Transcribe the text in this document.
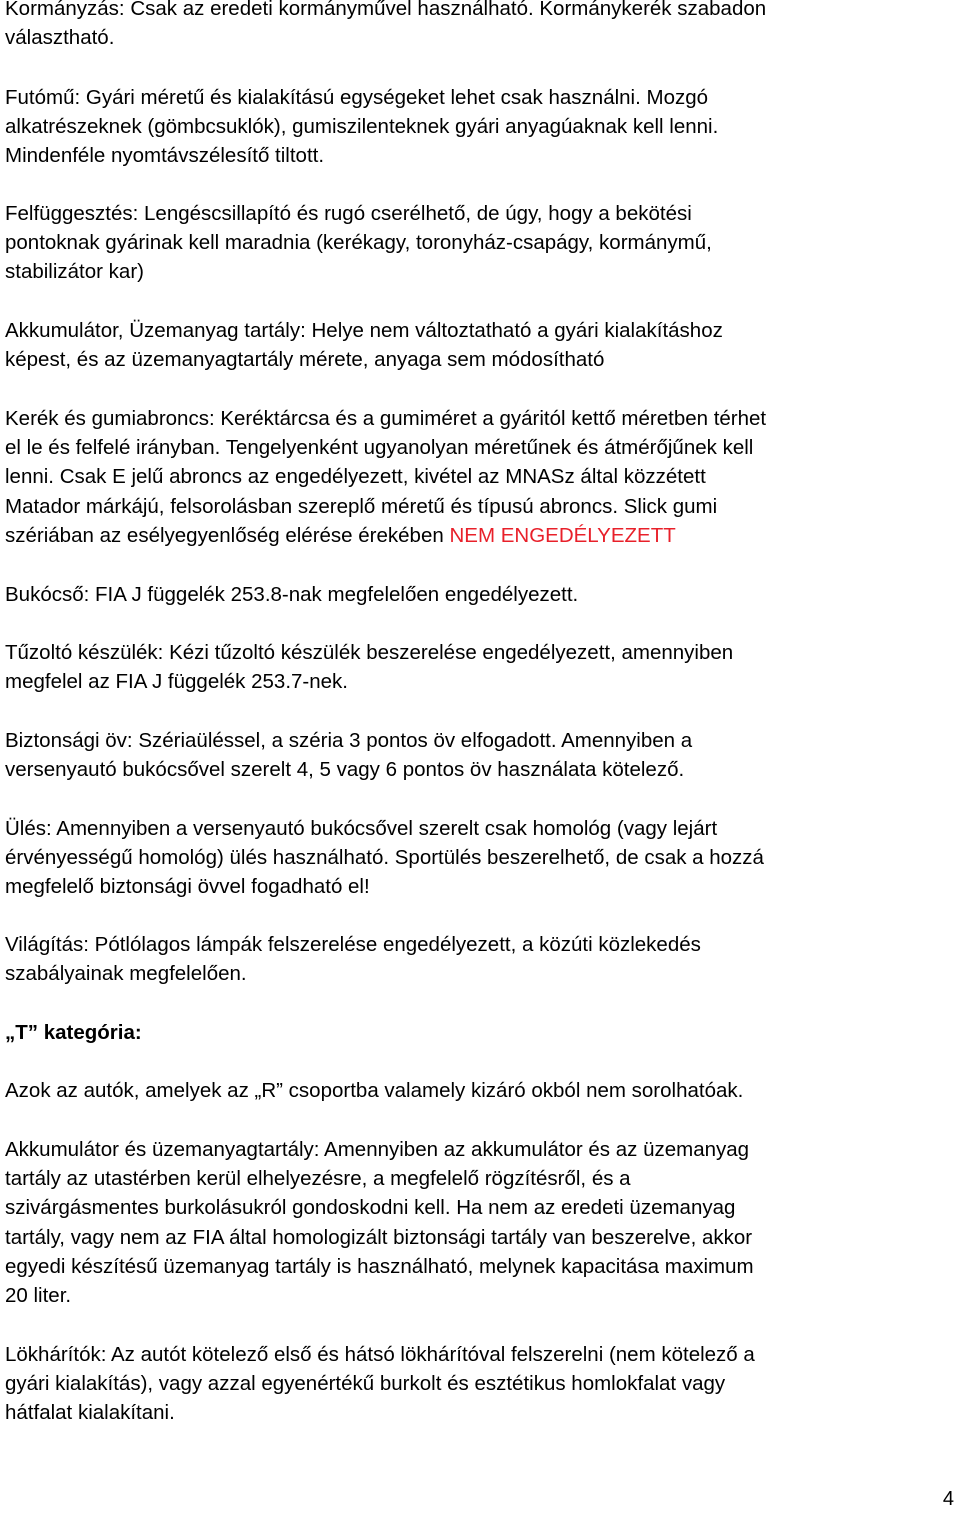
Kormányzás: Csak az eredeti kormányművel használható. Kormánykerék szabadon
választható.
Futómű: Gyári méretű és kialakítású egységeket lehet csak használni. Mozgó
alkatrészeknek (gömbcsuklók), gumiszilenteknek gyári anyagúaknak kell lenni.
Mindenféle nyomtávszélesítő tiltott.
Felfüggesztés: Lengéscsillapító és rugó cserélhető, de úgy, hogy a bekötési
pontoknak gyárinak kell maradnia (kerékagy, toronyház-csapágy, kormánymű,
stabilizátor kar)
Akkumulátor, Üzemanyag tartály: Helye nem változtatható a gyári kialakításhoz
képest, és az üzemanyagtartály mérete, anyaga sem módosítható
Kerék és gumiabroncs: Keréktárcsa és a gumiméret a gyáritól kettő méretben térhet
el le és felfelé irányban. Tengelyenként ugyanolyan méretűnek és átmérőjűnek kell
lenni. Csak E jelű abroncs az engedélyezett, kivétel az MNASz által közzétett
Matador márkájú, felsorolásban szereplő méretű és típusú abroncs. Slick gumi
szériában az esélyegyenlőség elérése érekében NEM ENGEDÉLYEZETT
Bukócső: FIA J függelék 253.8-nak megfelelően engedélyezett.
Tűzoltó készülék: Kézi tűzoltó készülék beszerelése engedélyezett, amennyiben
megfelel az FIA J függelék 253.7-nek.
Biztonsági öv: Szériaüléssel, a széria 3 pontos öv elfogadott. Amennyiben a
versenyautó bukócsővel szerelt 4, 5 vagy 6 pontos öv használata kötelező.
Ülés: Amennyiben a versenyautó bukócsővel szerelt csak homológ (vagy lejárt
érvényességű homológ) ülés használható. Sportülés beszerelhető, de csak a hozzá
megfelelő biztonsági övvel fogadható el!
Világítás: Pótlólagos lámpák felszerelése engedélyezett, a közúti közlekedés
szabályainak megfelelően.
„T” kategória:
Azok az autók, amelyek az „R” csoportba valamely kizáró okból nem sorolhatóak.
Akkumulátor és üzemanyagtartály: Amennyiben az akkumulátor és az üzemanyag
tartály az utastérben kerül elhelyezésre, a megfelelő rögzítésről, és a
szivárgásmentes burkolásukról gondoskodni kell. Ha nem az eredeti üzemanyag
tartály, vagy nem az FIA által homologizált biztonsági tartály van beszerelve, akkor
egyedi készítésű üzemanyag tartály is használható, melynek kapacitása maximum
20 liter.
Lökhárítók: Az autót kötelező első és hátsó lökhárítóval felszerelni (nem kötelező a
gyári kialakítás), vagy azzal egyenértékű burkolt és esztétikus homlokfalat vagy
hátfalat kialakítani.
4
